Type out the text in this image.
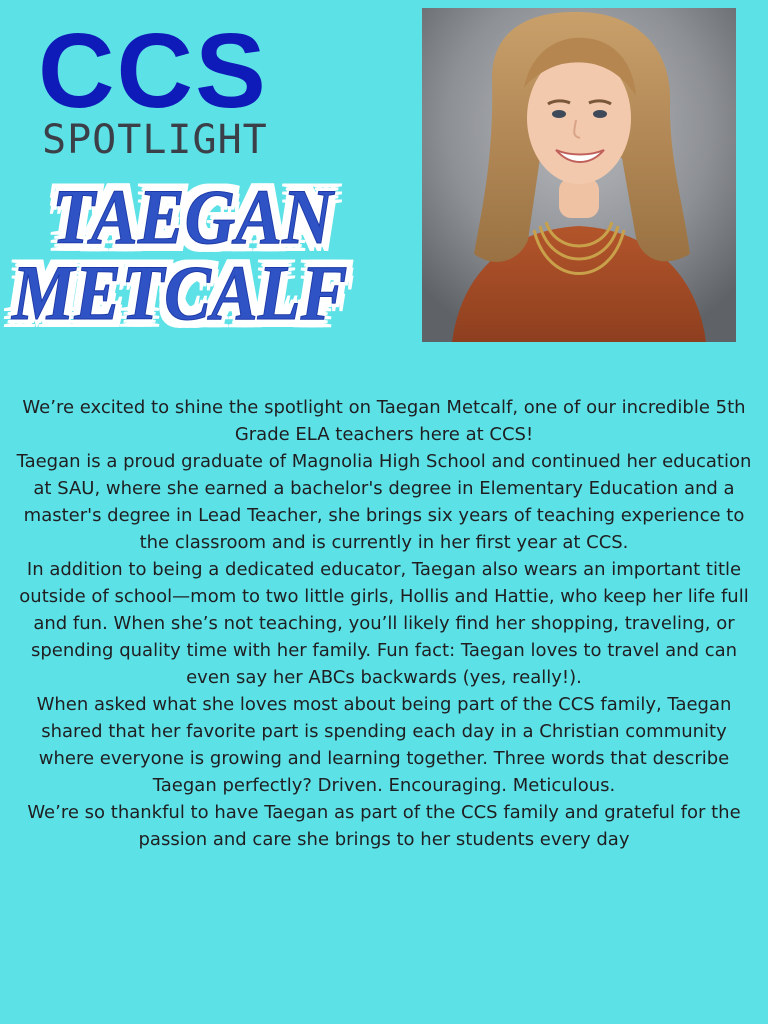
CCS
SPOTLIGHT
TAEGAN
METCALF

We’re excited to shine the spotlight on Taegan Metcalf, one of our incredible 5th Grade ELA teachers here at CCS!

Taegan is a proud graduate of Magnolia High School and continued her education at SAU, where she earned a bachelor's degree in Elementary Education and a master's degree in Lead Teacher, she brings six years of teaching experience to the classroom and is currently in her first year at CCS.

In addition to being a dedicated educator, Taegan also wears an important title outside of school—mom to two little girls, Hollis and Hattie, who keep her life full and fun. When she’s not teaching, you’ll likely find her shopping, traveling, or spending quality time with her family. Fun fact: Taegan loves to travel and can even say her ABCs backwards (yes, really!).

When asked what she loves most about being part of the CCS family, Taegan shared that her favorite part is spending each day in a Christian community where everyone is growing and learning together. Three words that describe Taegan perfectly? Driven. Encouraging. Meticulous.

We’re so thankful to have Taegan as part of the CCS family and grateful for the passion and care she brings to her students every day
